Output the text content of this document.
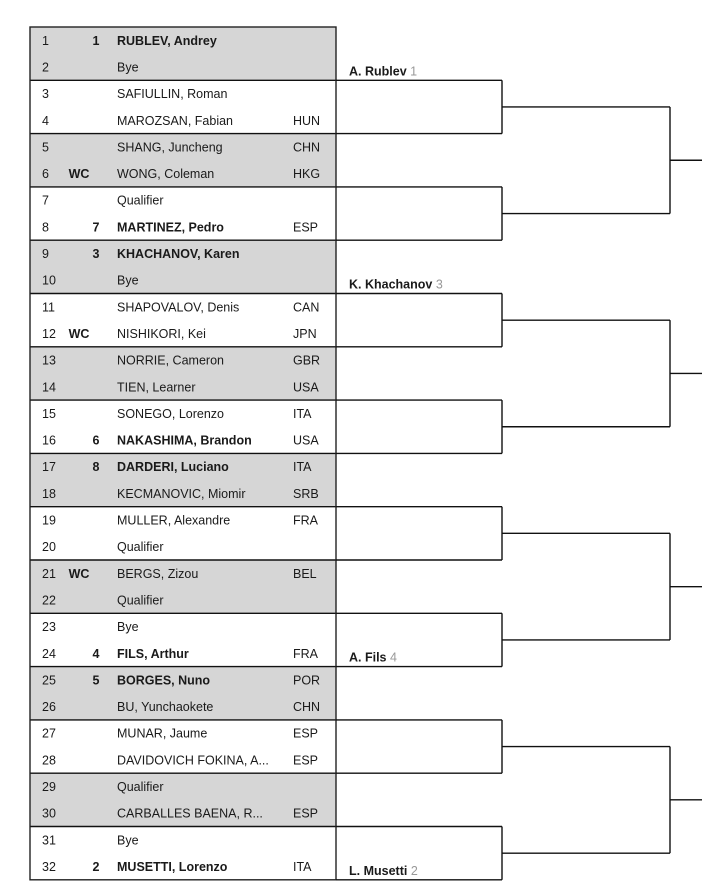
1	1 RUBLEV, Andrey
2	Bye
3	SAFIULLIN, Roman
4	MAROZSAN, Fabian	HUN
5	SHANG, Juncheng	CHN
6 WC WONG, Coleman	HKG
7	Qualifier
8	7 MARTINEZ, Pedro	ESP
9	3 KHACHANOV, Karen
10	Bye
11	SHAPOVALOV, Denis	CAN
12 WC NISHIKORI, Kei	JPN
13	NORRIE, Cameron	GBR
14	TIEN, Learner	USA
15	SONEGO, Lorenzo	ITA
16	6 NAKASHIMA, Brandon	USA
17	8 DARDERI, Luciano	ITA
18	KECMANOVIC, Miomir	SRB
19	MULLER, Alexandre	FRA
20	Qualifier
21 WC BERGS, Zizou	BEL
22	Qualifier
23	Bye
24	4 FILS, Arthur	FRA
25	5 BORGES, Nuno	POR
26	BU, Yunchaokete	CHN
27	MUNAR, Jaume	ESP
28	DAVIDOVICH FOKINA, A... ESP
29	Qualifier
30	CARBALLES BAENA, R... ESP
31	Bye
32	2 MUSETTI, Lorenzo	ITA
A. Rublev 1
K. Khachanov 3
A. Fils 4
L. Musetti 2
